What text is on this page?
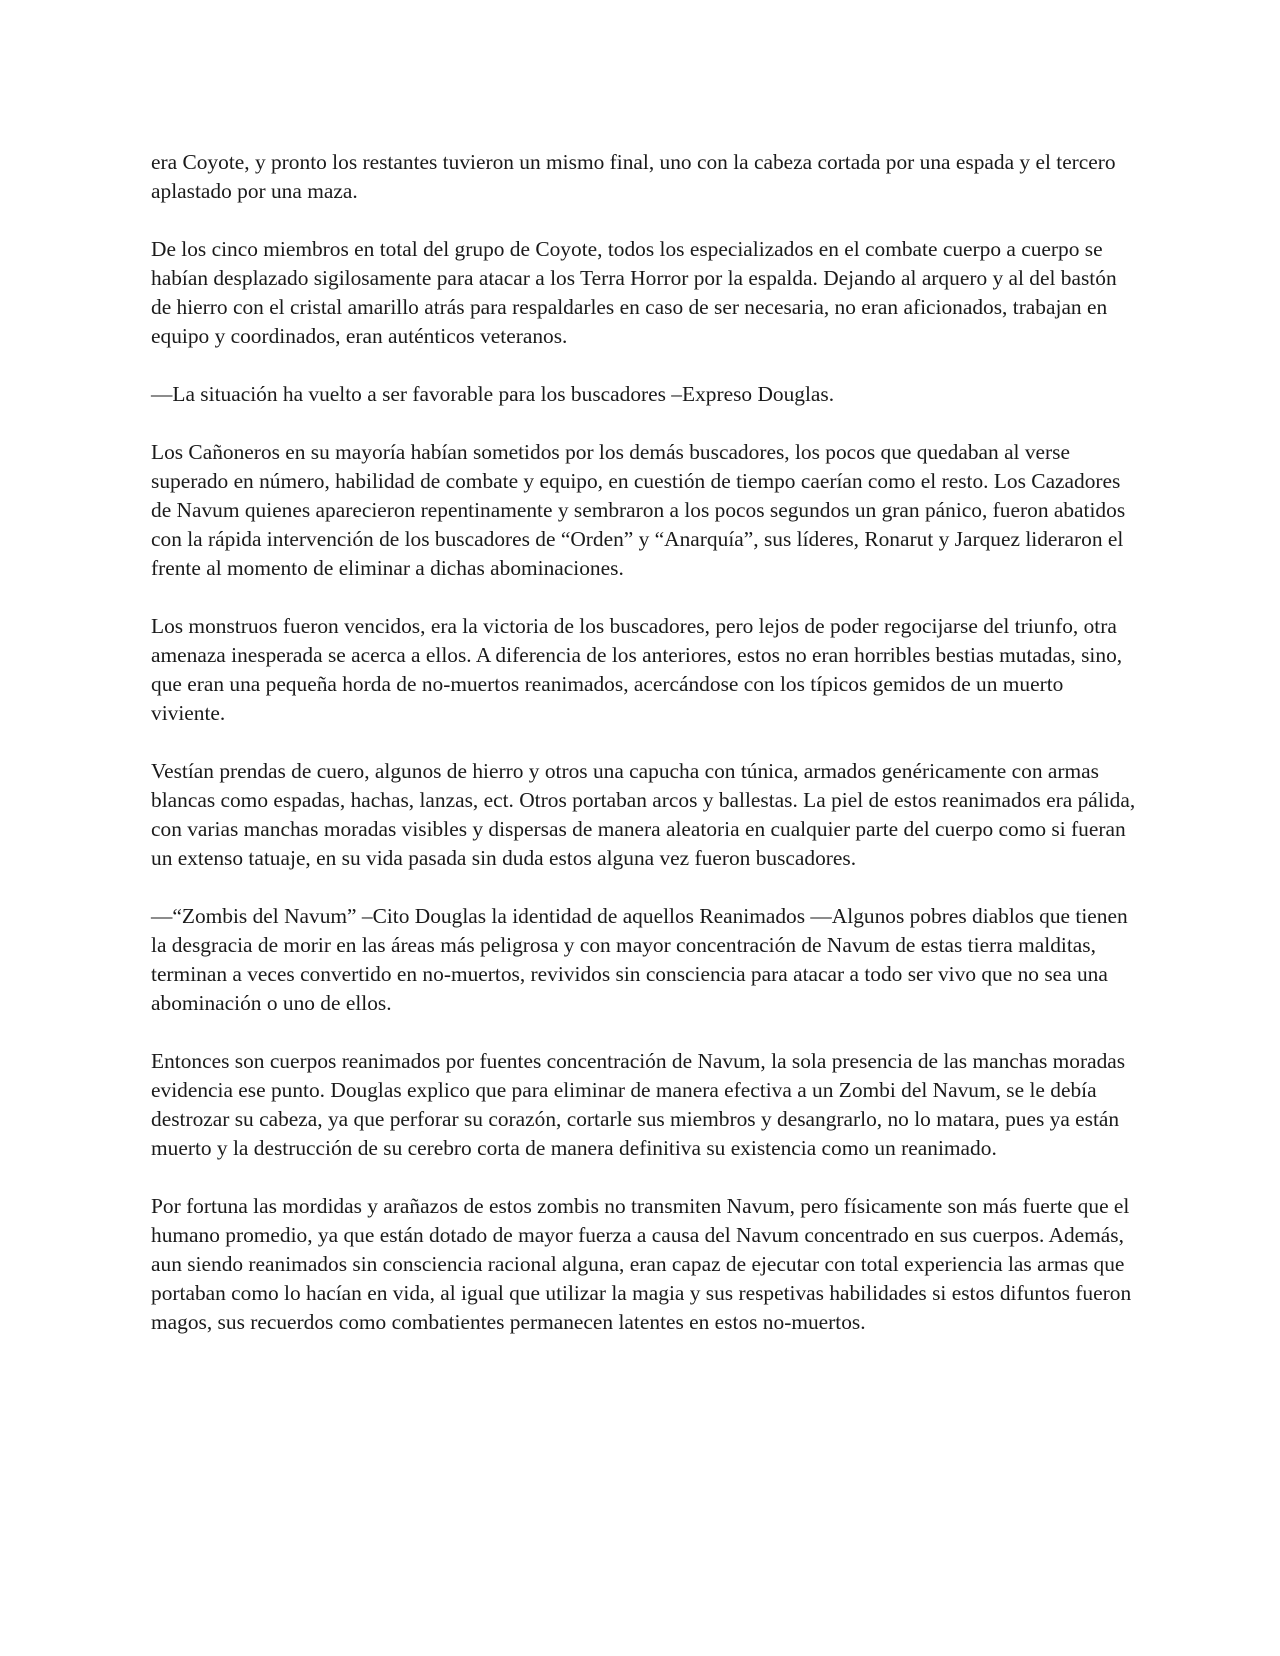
era Coyote, y pronto los restantes tuvieron un mismo final, uno con la cabeza cortada por una espada y el tercero aplastado por una maza.

De los cinco miembros en total del grupo de Coyote, todos los especializados en el combate cuerpo a cuerpo se habían desplazado sigilosamente para atacar a los Terra Horror por la espalda. Dejando al arquero y al del bastón de hierro con el cristal amarillo atrás para respaldarles en caso de ser necesaria, no eran aficionados, trabajan en equipo y coordinados, eran auténticos veteranos.

—La situación ha vuelto a ser favorable para los buscadores –Expreso Douglas.

Los Cañoneros en su mayoría habían sometidos por los demás buscadores, los pocos que quedaban al verse superado en número, habilidad de combate y equipo, en cuestión de tiempo caerían como el resto. Los Cazadores de Navum quienes aparecieron repentinamente y sembraron a los pocos segundos un gran pánico, fueron abatidos con la rápida intervención de los buscadores de “Orden” y “Anarquía”, sus líderes, Ronarut y Jarquez lideraron el frente al momento de eliminar a dichas abominaciones.

Los monstruos fueron vencidos, era la victoria de los buscadores, pero lejos de poder regocijarse del triunfo, otra amenaza inesperada se acerca a ellos. A diferencia de los anteriores, estos no eran horribles bestias mutadas, sino, que eran una pequeña horda de no-muertos reanimados, acercándose con los típicos gemidos de un muerto viviente.

Vestían prendas de cuero, algunos de hierro y otros una capucha con túnica, armados genéricamente con armas blancas como espadas, hachas, lanzas, ect. Otros portaban arcos y ballestas. La piel de estos reanimados era pálida, con varias manchas moradas visibles y dispersas de manera aleatoria en cualquier parte del cuerpo como si fueran un extenso tatuaje, en su vida pasada sin duda estos alguna vez fueron buscadores.

—“Zombis del Navum” –Cito Douglas la identidad de aquellos Reanimados —Algunos pobres diablos que tienen la desgracia de morir en las áreas más peligrosa y con mayor concentración de Navum de estas tierra malditas, terminan a veces convertido en no-muertos, revividos sin consciencia para atacar a todo ser vivo que no sea una abominación o uno de ellos.

Entonces son cuerpos reanimados por fuentes concentración de Navum, la sola presencia de las manchas moradas evidencia ese punto. Douglas explico que para eliminar de manera efectiva a un Zombi del Navum, se le debía destrozar su cabeza, ya que perforar su corazón, cortarle sus miembros y desangrarlo, no lo matara, pues ya están muerto y la destrucción de su cerebro corta de manera definitiva su existencia como un reanimado.

Por fortuna las mordidas y arañazos de estos zombis no transmiten Navum, pero físicamente son más fuerte que el humano promedio, ya que están dotado de mayor fuerza a causa del Navum concentrado en sus cuerpos. Además, aun siendo reanimados sin consciencia racional alguna, eran capaz de ejecutar con total experiencia las armas que portaban como lo hacían en vida, al igual que utilizar la magia y sus respetivas habilidades si estos difuntos fueron magos, sus recuerdos como combatientes permanecen latentes en estos no-muertos.
